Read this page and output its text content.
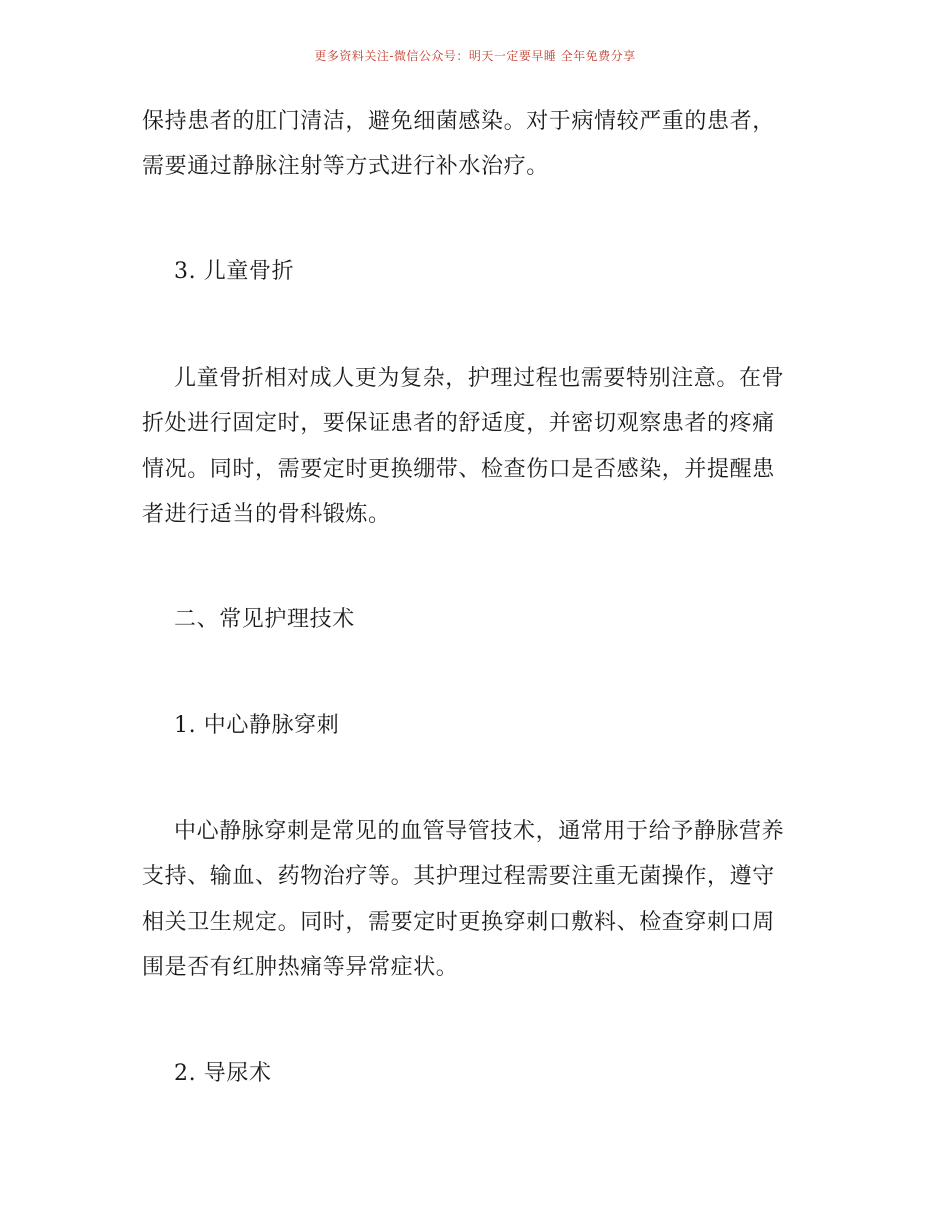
更多资料关注-微信公众号：明天一定要早睡 全年免费分享
保持患者的肛门清洁，避免细菌感染。对于病情较严重的患者，
需要通过静脉注射等方式进行补水治疗。
3. 儿童骨折
儿童骨折相对成人更为复杂，护理过程也需要特别注意。在骨
折处进行固定时，要保证患者的舒适度，并密切观察患者的疼痛
情况。同时，需要定时更换绷带、检查伤口是否感染，并提醒患
者进行适当的骨科锻炼。
二、常见护理技术
1. 中心静脉穿刺
中心静脉穿刺是常见的血管导管技术，通常用于给予静脉营养
支持、输血、药物治疗等。其护理过程需要注重无菌操作，遵守
相关卫生规定。同时，需要定时更换穿刺口敷料、检查穿刺口周
围是否有红肿热痛等异常症状。
2. 导尿术
